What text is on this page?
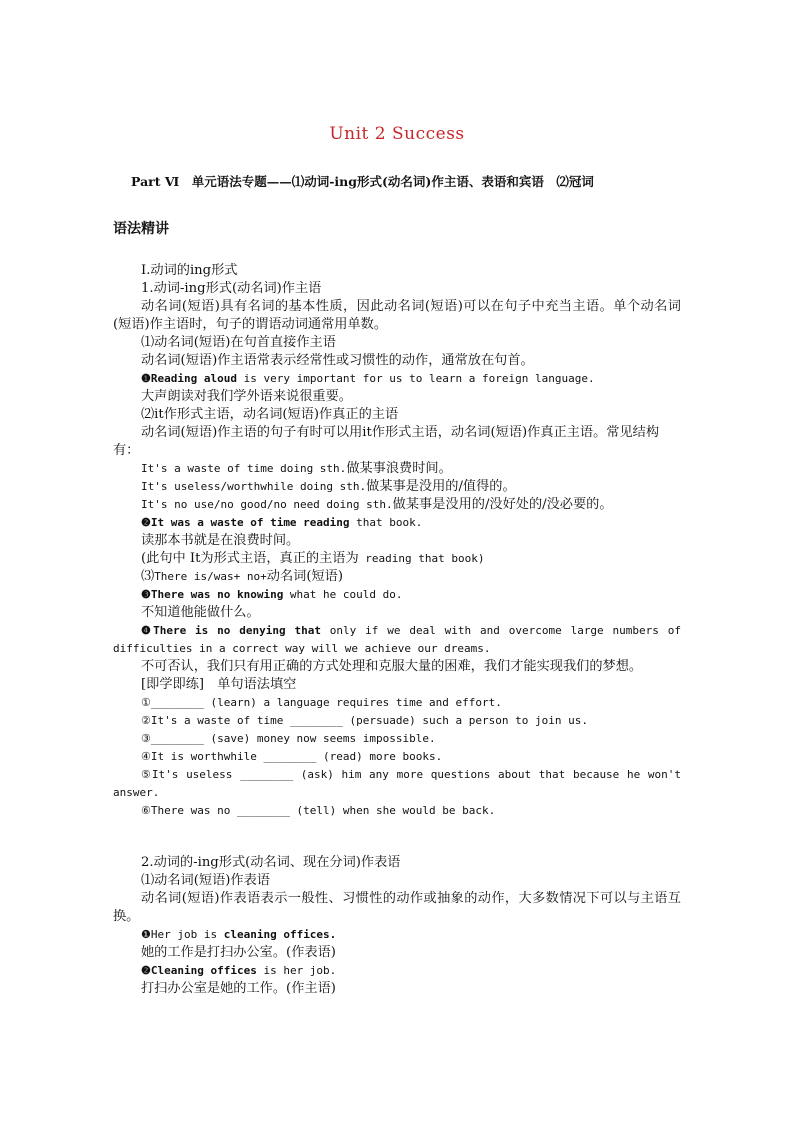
Unit 2 Success
Part Ⅵ　单元语法专题——⑴动词-ing形式(动名词)作主语、表语和宾语　⑵冠词
语法精讲
Ⅰ.动词的ing形式
1.动词-ing形式(动名词)作主语
动名词(短语)具有名词的基本性质，因此动名词(短语)可以在句子中充当主语。单个动名词(短语)作主语时，句子的谓语动词通常用单数。
⑴动名词(短语)在句首直接作主语
动名词(短语)作主语常表示经常性或习惯性的动作，通常放在句首。
❶Reading aloud is very important for us to learn a foreign language.
大声朗读对我们学外语来说很重要。
⑵it作形式主语，动名词(短语)作真正的主语
动名词(短语)作主语的句子有时可以用it作形式主语，动名词(短语)作真正主语。常见结构有：
It's a waste of time doing sth.做某事浪费时间。
It's useless/worthwhile doing sth.做某事是没用的/值得的。
It's no use/no good/no need doing sth.做某事是没用的/没好处的/没必要的。
❷It was a waste of time reading that book.
读那本书就是在浪费时间。
(此句中 It为形式主语，真正的主语为 reading that book)
⑶There is/was+ no+动名词(短语)
❸There was no knowing what he could do.
不知道他能做什么。
❹There is no denying that only if we deal with and overcome large numbers of difficulties in a correct way will we achieve our dreams.
不可否认，我们只有用正确的方式处理和克服大量的困难，我们才能实现我们的梦想。
[即学即练]　单句语法填空
①________ (learn) a language requires time and effort.
②It's a waste of time ________ (persuade) such a person to join us.
③________ (save) money now seems impossible.
④It is worthwhile ________ (read) more books.
⑤It's useless ________ (ask) him any more questions about that because he won't answer.
⑥There was no ________ (tell) when she would be back.
2.动词的-ing形式(动名词、现在分词)作表语
⑴动名词(短语)作表语
动名词(短语)作表语表示一般性、习惯性的动作或抽象的动作，大多数情况下可以与主语互换。
❶Her job is cleaning offices.
她的工作是打扫办公室。(作表语)
❷Cleaning offices is her job.
打扫办公室是她的工作。(作主语)
